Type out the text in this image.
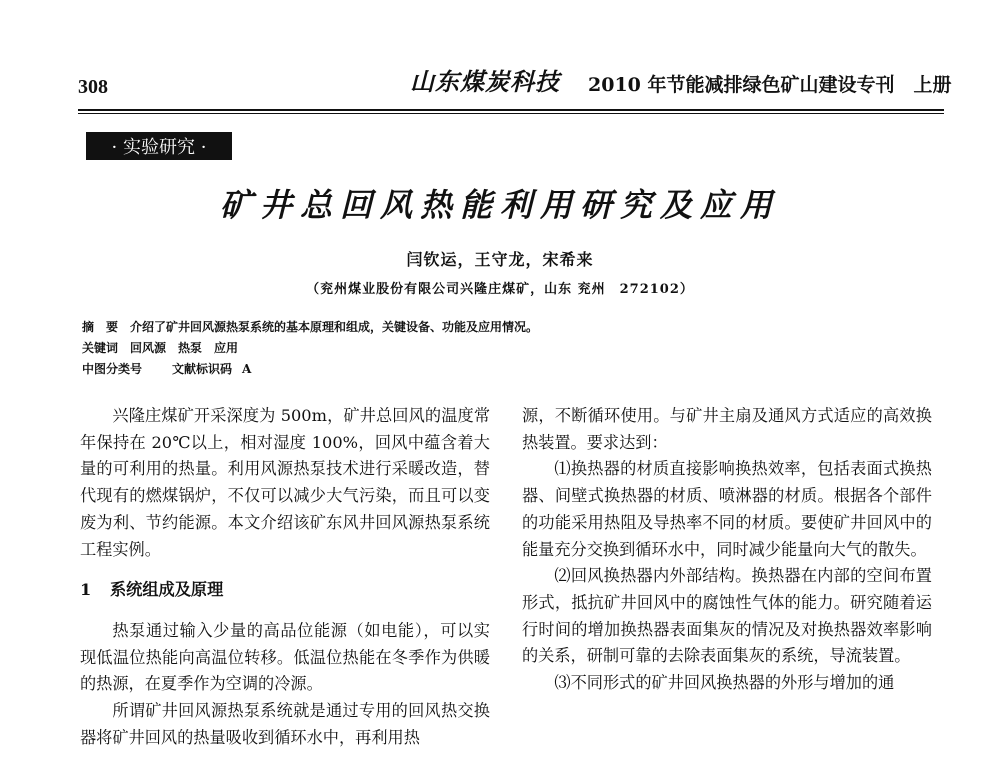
308	山东煤炭科技 2010 年节能减排绿色矿山建设专刊　上册
· 实验研究 ·
矿井总回风热能利用研究及应用
闫钦运，王守龙，宋希来
（兖州煤业股份有限公司兴隆庄煤矿，山东 兖州　272102）
摘　要 介绍了矿井回风源热泵系统的基本原理和组成，关键设备、功能及应用情况。
关键词 回风源　热泵　应用
中图分类号	文献标识码 A

兴隆庄煤矿开采深度为 500m，矿井总回风的温度常年保持在 20℃以上，相对湿度 100%，回风中蕴含着大量的可利用的热量。利用风源热泵技术进行采暖改造，替代现有的燃煤锅炉，不仅可以减少大气污染，而且可以变废为利、节约能源。本文介绍该矿东风井回风源热泵系统工程实例。

1 系统组成及原理

热泵通过输入少量的高品位能源（如电能），可以实现低温位热能向高温位转移。低温位热能在冬季作为供暖的热源，在夏季作为空调的冷源。

所谓矿井回风源热泵系统就是通过专用的回风热交换器将矿井回风的热量吸收到循环水中，再利用热

源，不断循环使用。与矿井主扇及通风方式适应的高效换热装置。要求达到：

⑴换热器的材质直接影响换热效率，包括表面式换热器、间壁式换热器的材质、喷淋器的材质。根据各个部件的功能采用热阻及导热率不同的材质。要使矿井回风中的能量充分交换到循环水中，同时减少能量向大气的散失。

⑵回风换热器内外部结构。换热器在内部的空间布置形式，抵抗矿井回风中的腐蚀性气体的能力。研究随着运行时间的增加换热器表面集灰的情况及对换热器效率影响的关系，研制可靠的去除表面集灰的系统，导流装置。

⑶不同形式的矿井回风换热器的外形与增加的通
